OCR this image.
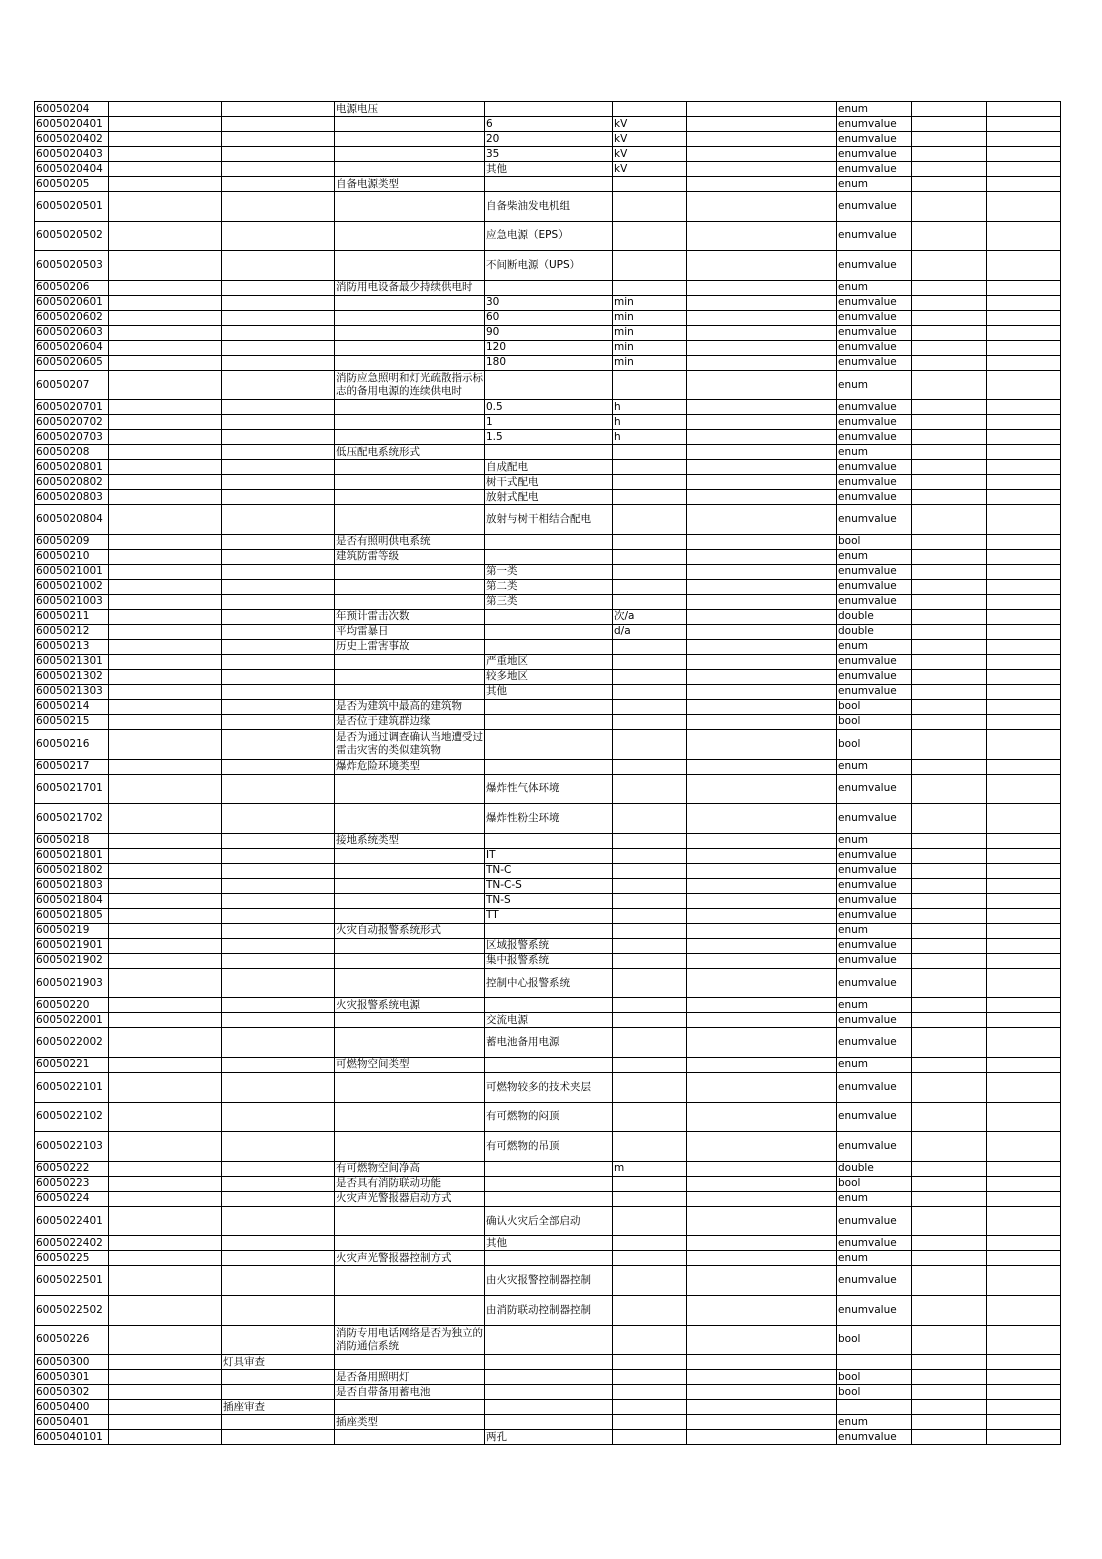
60050204			电源电压				enum		
6005020401				6	kV		enumvalue		
6005020402				20	kV		enumvalue		
6005020403				35	kV		enumvalue		
6005020404				其他	kV		enumvalue		
60050205			自备电源类型				enum		
6005020501				自备柴油发电机组			enumvalue		
6005020502				应急电源（EPS）			enumvalue		
6005020503				不间断电源（UPS）			enumvalue		
60050206			消防用电设备最少持续供电时				enum		
6005020601				30	min		enumvalue		
6005020602				60	min		enumvalue		
6005020603				90	min		enumvalue		
6005020604				120	min		enumvalue		
6005020605				180	min		enumvalue		
60050207			消防应急照明和灯光疏散指示标志的备用电源的连续供电时				enum		
6005020701				0.5	h		enumvalue		
6005020702				1	h		enumvalue		
6005020703				1.5	h		enumvalue		
60050208			低压配电系统形式				enum		
6005020801				自成配电			enumvalue		
6005020802				树干式配电			enumvalue		
6005020803				放射式配电			enumvalue		
6005020804				放射与树干相结合配电			enumvalue		
60050209			是否有照明供电系统				bool		
60050210			建筑防雷等级				enum		
6005021001				第一类			enumvalue		
6005021002				第二类			enumvalue		
6005021003				第三类			enumvalue		
60050211			年预计雷击次数		次/a		double		
60050212			平均雷暴日		d/a		double		
60050213			历史上雷害事故				enum		
6005021301				严重地区			enumvalue		
6005021302				较多地区			enumvalue		
6005021303				其他			enumvalue		
60050214			是否为建筑中最高的建筑物				bool		
60050215			是否位于建筑群边缘				bool		
60050216			是否为通过调查确认当地遭受过雷击灾害的类似建筑物				bool		
60050217			爆炸危险环境类型				enum		
6005021701				爆炸性气体环境			enumvalue		
6005021702				爆炸性粉尘环境			enumvalue		
60050218			接地系统类型				enum		
6005021801				IT			enumvalue		
6005021802				TN-C			enumvalue		
6005021803				TN-C-S			enumvalue		
6005021804				TN-S			enumvalue		
6005021805				TT			enumvalue		
60050219			火灾自动报警系统形式				enum		
6005021901				区域报警系统			enumvalue		
6005021902				集中报警系统			enumvalue		
6005021903				控制中心报警系统			enumvalue		
60050220			火灾报警系统电源				enum		
6005022001				交流电源			enumvalue		
6005022002				蓄电池备用电源			enumvalue		
60050221			可燃物空间类型				enum		
6005022101				可燃物较多的技术夹层			enumvalue		
6005022102				有可燃物的闷顶			enumvalue		
6005022103				有可燃物的吊顶			enumvalue		
60050222			有可燃物空间净高		m		double		
60050223			是否具有消防联动功能				bool		
60050224			火灾声光警报器启动方式				enum		
6005022401				确认火灾后全部启动			enumvalue		
6005022402				其他			enumvalue		
60050225			火灾声光警报器控制方式				enum		
6005022501				由火灾报警控制器控制			enumvalue		
6005022502				由消防联动控制器控制			enumvalue		
60050226			消防专用电话网络是否为独立的消防通信系统				bool		
60050300		灯具审查							
60050301			是否备用照明灯				bool		
60050302			是否自带备用蓄电池				bool		
60050400		插座审查							
60050401			插座类型				enum		
6005040101				两孔			enumvalue		
